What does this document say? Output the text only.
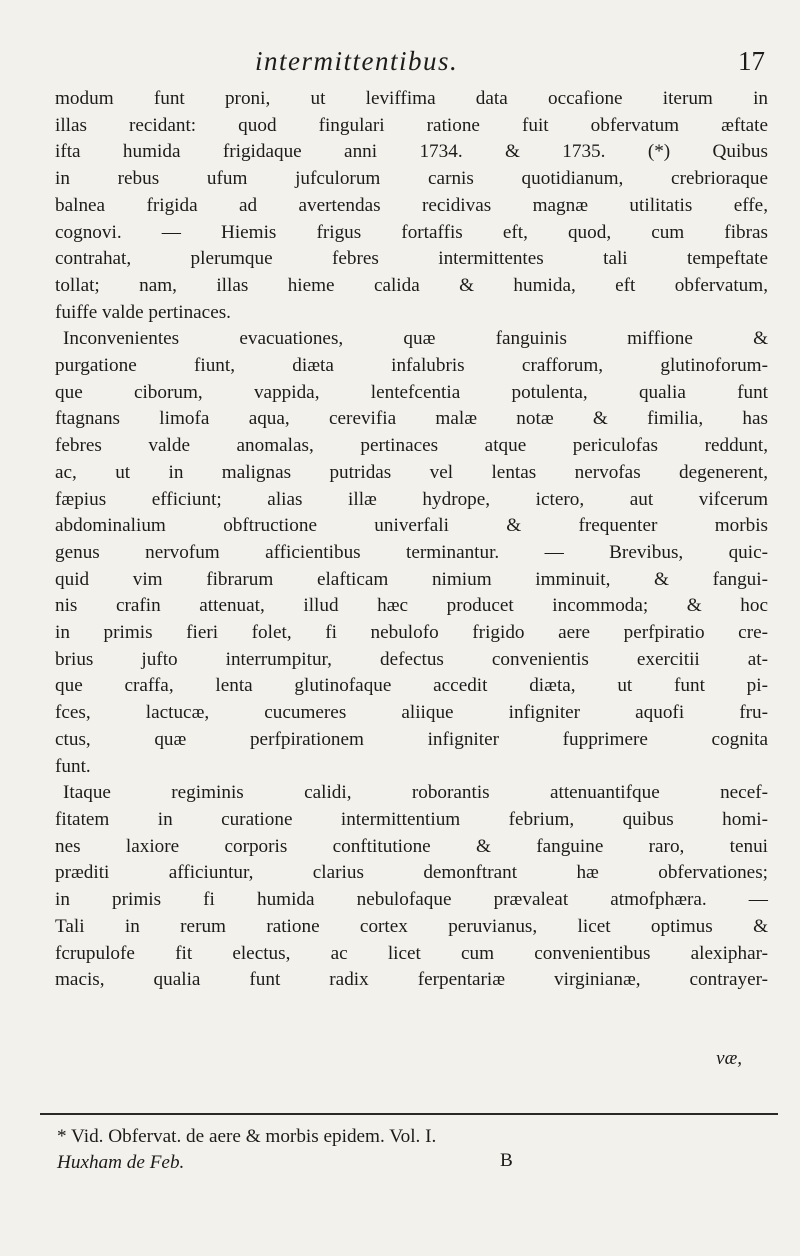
intermittentibus.	17
modum funt proni, ut leviffima data occafione iterum in
illas recidant: quod fingulari ratione fuit obfervatum æftate
ifta humida frigidaque anni 1734. & 1735. (*) Quibus
in rebus ufum jufculorum carnis quotidianum, crebrioraque
balnea frigida ad avertendas recidivas magnæ utilitatis effe,
cognovi. — Hiemis frigus fortaffis eft, quod, cum fibras
contrahat, plerumque febres intermittentes tali tempeftate
tollat; nam, illas hieme calida & humida, eft obfervatum,
fuiffe valde pertinaces.
Inconvenientes evacuationes, quæ fanguinis miffione &
purgatione fiunt, diæta infalubris crafforum, glutinoforum-
que ciborum, vappida, lentefcentia potulenta, qualia funt
ftagnans limofa aqua, cerevifia malæ notæ & fimilia, has
febres valde anomalas, pertinaces atque periculofas reddunt,
ac, ut in malignas putridas vel lentas nervofas degenerent,
fæpius efficiunt; alias illæ hydrope, ictero, aut vifcerum
abdominalium obftructione univerfali & frequenter morbis
genus nervofum afficientibus terminantur. — Brevibus, quic-
quid vim fibrarum elafticam nimium imminuit, & fangui-
nis crafin attenuat, illud hæc producet incommoda; & hoc
in primis fieri folet, fi nebulofo frigido aere perfpiratio cre-
brius jufto interrumpitur, defectus convenientis exercitii at-
que craffa, lenta glutinofaque accedit diæta, ut funt pi-
fces, lactucæ, cucumeres aliique infigniter aquofi fru-
ctus, quæ perfpirationem infigniter fupprimere cognita
funt.
Itaque regiminis calidi, roborantis attenuantifque necef-
fitatem in curatione intermittentium febrium, quibus homi-
nes laxiore corporis conftitutione & fanguine raro, tenui
præditi afficiuntur, clarius demonftrant hæ obfervationes;
in primis fi humida nebulofaque prævaleat atmofphæra. —
Tali in rerum ratione cortex peruvianus, licet optimus &
fcrupulofe fit electus, ac licet cum convenientibus alexiphar-
macis, qualia funt radix ferpentariæ virginianæ, contrayer-
væ,
* Vid. Obfervat. de aere & morbis epidem. Vol. I.
Huxham de Feb.	B
